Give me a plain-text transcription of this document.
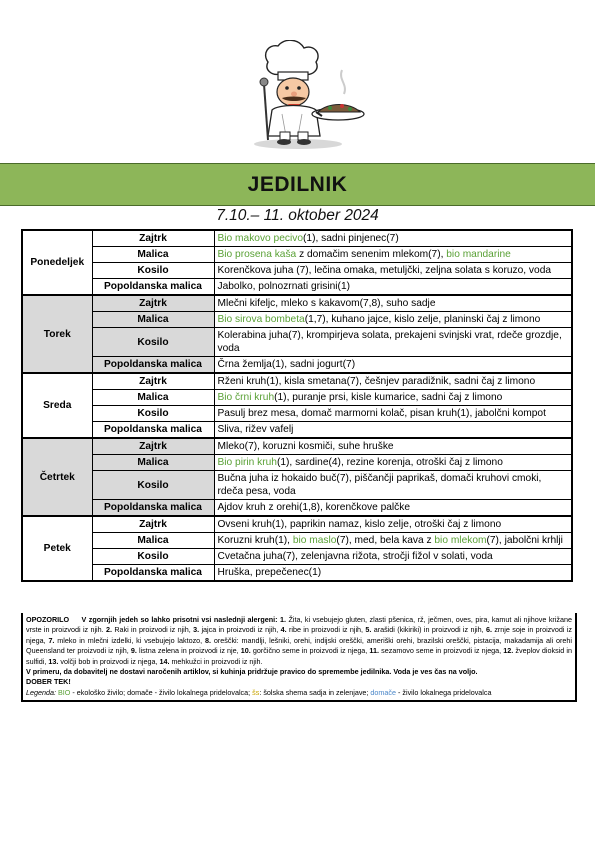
JEDILNIK
7.10.– 11. oktober 2024
Ponedeljek	Zajtrk	Bio makovo pecivo(1), sadni pinjenec(7)
	Malica	Bio prosena kaša z domačim senenim mlekom(7), bio mandarine
	Kosilo	Korenčkova juha (7), lečina omaka, metuljčki, zeljna solata s koruzo, voda
	Popoldanska malica	Jabolko, polnozrnati grisini(1)
Torek	Zajtrk	Mlečni kifeljc, mleko s kakavom(7,8), suho sadje
	Malica	Bio sirova bombeta(1,7), kuhano jajce, kislo zelje, planinski čaj z limono
	Kosilo	Kolerabina juha(7), krompirjeva solata, prekajeni svinjski vrat, rdeče grozdje, voda
	Popoldanska malica	Črna žemlja(1), sadni jogurt(7)
Sreda	Zajtrk	Rženi kruh(1), kisla smetana(7), češnjev paradižnik, sadni čaj z limono
	Malica	Bio črni kruh(1), puranje prsi, kisle kumarice, sadni čaj z limono
	Kosilo	Pasulj brez mesa, domač marmorni kolač, pisan kruh(1), jabolčni kompot
	Popoldanska malica	Sliva, rižev vafelj
Četrtek	Zajtrk	Mleko(7), koruzni kosmiči, suhe hruške
	Malica	Bio pirin kruh(1), sardine(4), rezine korenja, otroški čaj z limono
	Kosilo	Bučna juha iz hokaido buč(7), piščančji paprikaš, domači kruhovi cmoki, rdeča pesa, voda
	Popoldanska malica	Ajdov kruh z orehi(1,8), korenčkove palčke
Petek	Zajtrk	Ovseni kruh(1), paprikin namaz, kislo zelje, otroški čaj z limono
	Malica	Koruzni kruh(1), bio maslo(7), med, bela kava z bio mlekom(7), jabolčni krhlji
	Kosilo	Cvetačna juha(7), zelenjavna rižota, stročji fižol v solati, voda
	Popoldanska malica	Hruška, prepečenec(1)

OPOZORILO V zgornjih jedeh so lahko prisotni vsi naslednji alergeni: 1. Žita, ki vsebujejo gluten, zlasti pšenica, rž, ječmen, oves, pira, kamut ali njihove križane vrste in proizvodi iz njih. 2. Raki in proizvodi iz njih, 3. jajca in proizvodi iz njih, 4. ribe in proizvodi iz njih, 5. arašidi (kikiriki) in proizvodi iz njih, 6. zrnje soje in proizvodi iz njega, 7. mleko in mlečni izdelki, ki vsebujejo laktozo, 8. oreščki: mandlji, lešniki, orehi, indijski oreščki, ameriški orehi, brazilski oreščki, pistacija, makadamija ali orehi Queensland ter proizvodi iz njih, 9. listna zelena in proizvodi iz nje, 10. gorčično seme in proizvodi iz njega, 11. sezamovo seme in proizvodi iz njega, 12. žveplov dioksid in sulfidi, 13. volčji bob in proizvodi iz njega, 14. mehkužci in proizvodi iz njih.

V primeru, da dobavitelj ne dostavi naročenih artiklov, si kuhinja pridržuje pravico do spremembe jedilnika. Voda je ves čas na voljo.

DOBER TEK!

Legenda: BIO - ekološko živilo; domače - živilo lokalnega pridelovalca; šs: šolska shema sadja in zelenjave; domače - živilo lokalnega pridelovalca
